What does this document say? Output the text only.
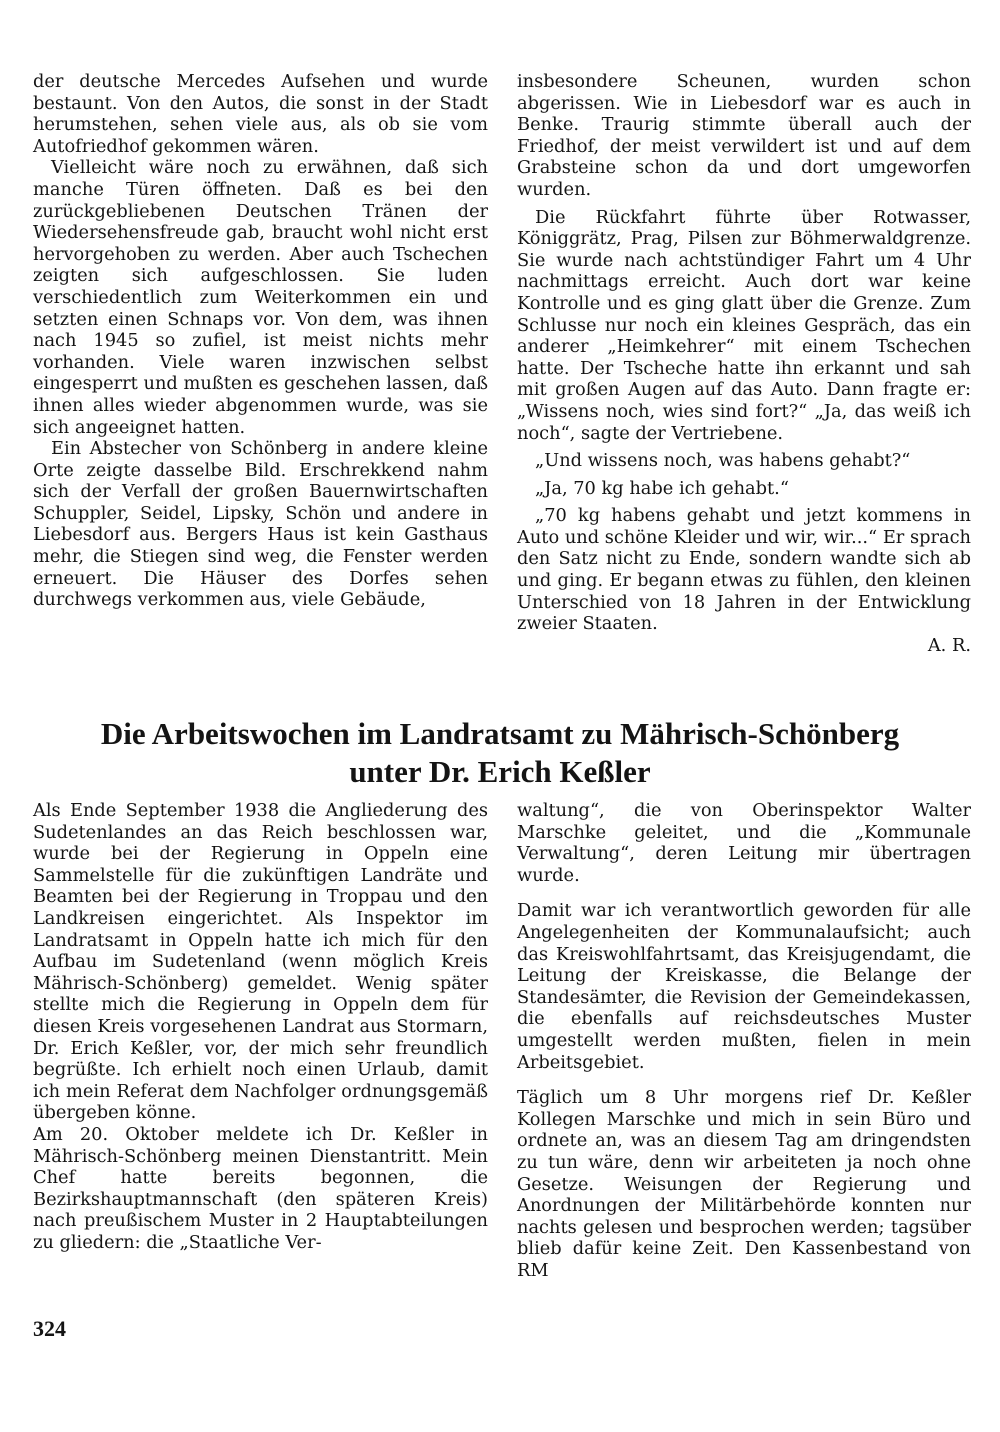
der deutsche Mercedes Aufsehen und wurde bestaunt. Von den Autos, die sonst in der Stadt herumstehen, sehen viele aus, als ob sie vom Autofriedhof gekommen wären.

Vielleicht wäre noch zu erwähnen, daß sich manche Türen öffneten. Daß es bei den zurückgebliebenen Deutschen Tränen der Wiedersehensfreude gab, braucht wohl nicht erst hervorgehoben zu werden. Aber auch Tschechen zeigten sich aufgeschlossen. Sie luden verschiedentlich zum Weiterkommen ein und setzten einen Schnaps vor. Von dem, was ihnen nach 1945 so zufiel, ist meist nichts mehr vorhanden. Viele waren inzwischen selbst eingesperrt und mußten es geschehen lassen, daß ihnen alles wieder abgenommen wurde, was sie sich angeeignet hatten.

Ein Abstecher von Schönberg in andere kleine Orte zeigte dasselbe Bild. Erschrekkend nahm sich der Verfall der großen Bauernwirtschaften Schuppler, Seidel, Lipsky, Schön und andere in Liebesdorf aus. Bergers Haus ist kein Gasthaus mehr, die Stiegen sind weg, die Fenster werden erneuert. Die Häuser des Dorfes sehen durchwegs verkommen aus, viele Gebäude,

insbesondere Scheunen, wurden schon abgerissen. Wie in Liebesdorf war es auch in Benke. Traurig stimmte überall auch der Friedhof, der meist verwildert ist und auf dem Grabsteine schon da und dort umgeworfen wurden.

Die Rückfahrt führte über Rotwasser, Königgrätz, Prag, Pilsen zur Böhmerwaldgrenze. Sie wurde nach achtstündiger Fahrt um 4 Uhr nachmittags erreicht. Auch dort war keine Kontrolle und es ging glatt über die Grenze. Zum Schlusse nur noch ein kleines Gespräch, das ein anderer „Heimkehrer“ mit einem Tschechen hatte. Der Tscheche hatte ihn erkannt und sah mit großen Augen auf das Auto. Dann fragte er: „Wissens noch, wies sind fort?“ „Ja, das weiß ich noch“, sagte der Vertriebene.

„Und wissens noch, was habens gehabt?“

„Ja, 70 kg habe ich gehabt.“

„70 kg habens gehabt und jetzt kommens in Auto und schöne Kleider und wir, wir...“ Er sprach den Satz nicht zu Ende, sondern wandte sich ab und ging. Er begann etwas zu fühlen, den kleinen Unterschied von 18 Jahren in der Entwicklung zweier Staaten.

A. R.

Die Arbeitswochen im Landratsamt zu Mährisch-Schönberg
unter Dr. Erich Keßler

Als Ende September 1938 die Angliederung des Sudetenlandes an das Reich beschlossen war, wurde bei der Regierung in Oppeln eine Sammelstelle für die zukünftigen Landräte und Beamten bei der Regierung in Troppau und den Landkreisen eingerichtet. Als Inspektor im Landratsamt in Oppeln hatte ich mich für den Aufbau im Sudetenland (wenn möglich Kreis Mährisch-Schönberg) gemeldet. Wenig später stellte mich die Regierung in Oppeln dem für diesen Kreis vorgesehenen Landrat aus Stormarn, Dr. Erich Keßler, vor, der mich sehr freundlich begrüßte. Ich erhielt noch einen Urlaub, damit ich mein Referat dem Nachfolger ordnungsgemäß übergeben könne.

Am 20. Oktober meldete ich Dr. Keßler in Mährisch-Schönberg meinen Dienstantritt. Mein Chef hatte bereits begonnen, die Bezirkshauptmannschaft (den späteren Kreis) nach preußischem Muster in 2 Hauptabteilungen zu gliedern: die „Staatliche Ver-

waltung“, die von Oberinspektor Walter Marschke geleitet, und die „Kommunale Verwaltung“, deren Leitung mir übertragen wurde.

Damit war ich verantwortlich geworden für alle Angelegenheiten der Kommunalaufsicht; auch das Kreiswohlfahrtsamt, das Kreisjugendamt, die Leitung der Kreiskasse, die Belange der Standesämter, die Revision der Gemeindekassen, die ebenfalls auf reichsdeutsches Muster umgestellt werden mußten, fielen in mein Arbeitsgebiet.

Täglich um 8 Uhr morgens rief Dr. Keßler Kollegen Marschke und mich in sein Büro und ordnete an, was an diesem Tag am dringendsten zu tun wäre, denn wir arbeiteten ja noch ohne Gesetze. Weisungen der Regierung und Anordnungen der Militärbehörde konnten nur nachts gelesen und besprochen werden; tagsüber blieb dafür keine Zeit. Den Kassenbestand von RM

324
